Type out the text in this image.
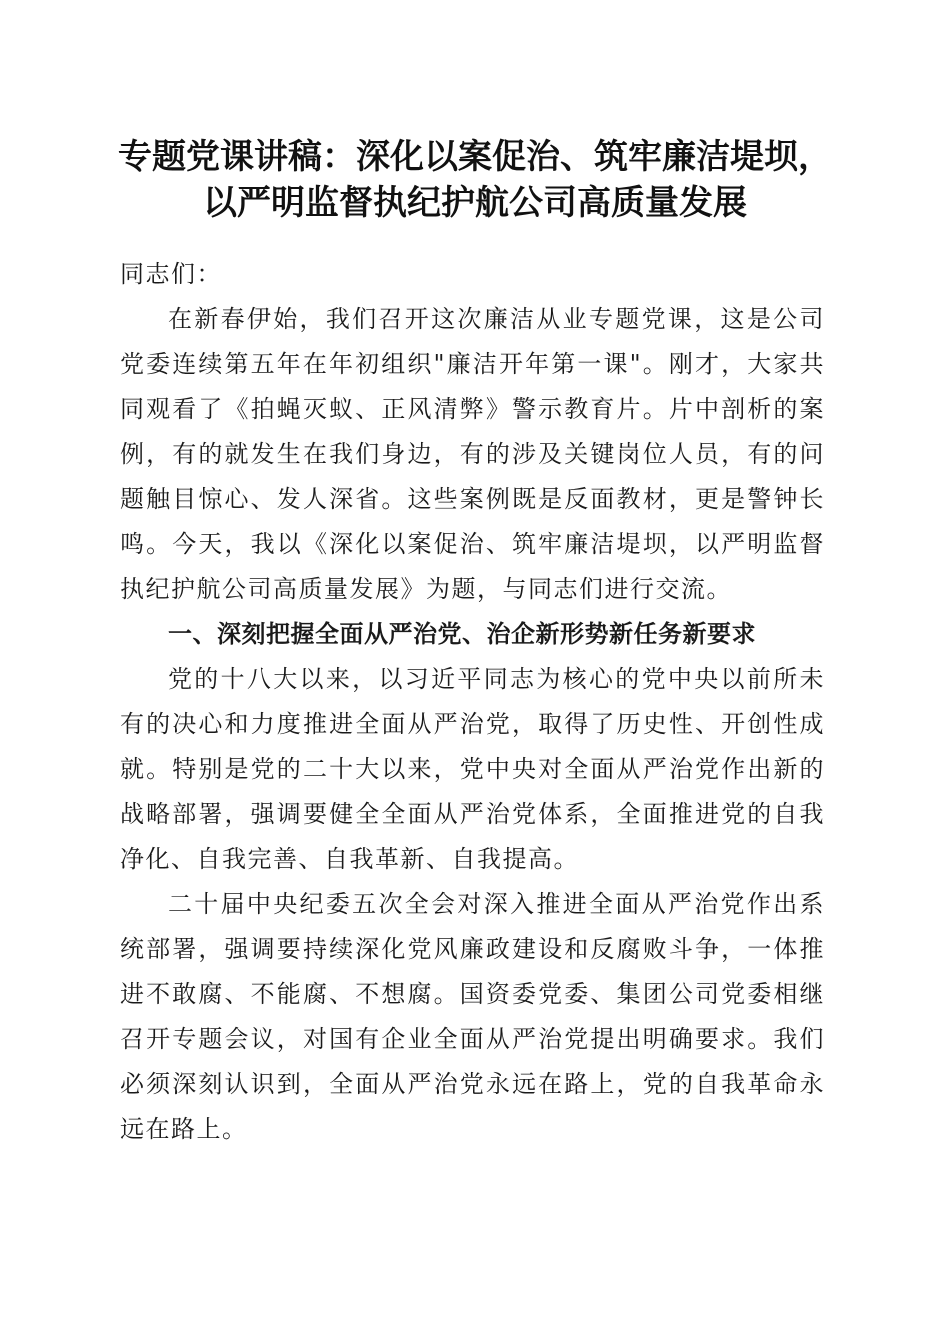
专题党课讲稿：深化以案促治、筑牢廉洁堤坝，
以严明监督执纪护航公司高质量发展

同志们：

在新春伊始，我们召开这次廉洁从业专题党课，这是公司党委连续第五年在年初组织"廉洁开年第一课"。刚才，大家共同观看了《拍蝇灭蚁、正风清弊》警示教育片。片中剖析的案例，有的就发生在我们身边，有的涉及关键岗位人员，有的问题触目惊心、发人深省。这些案例既是反面教材，更是警钟长鸣。今天，我以《深化以案促治、筑牢廉洁堤坝，以严明监督执纪护航公司高质量发展》为题，与同志们进行交流。

一、深刻把握全面从严治党、治企新形势新任务新要求

党的十八大以来，以习近平同志为核心的党中央以前所未有的决心和力度推进全面从严治党，取得了历史性、开创性成就。特别是党的二十大以来，党中央对全面从严治党作出新的战略部署，强调要健全全面从严治党体系，全面推进党的自我净化、自我完善、自我革新、自我提高。

二十届中央纪委五次全会对深入推进全面从严治党作出系统部署，强调要持续深化党风廉政建设和反腐败斗争，一体推进不敢腐、不能腐、不想腐。国资委党委、集团公司党委相继召开专题会议，对国有企业全面从严治党提出明确要求。我们必须深刻认识到，全面从严治党永远在路上，党的自我革命永远在路上。
